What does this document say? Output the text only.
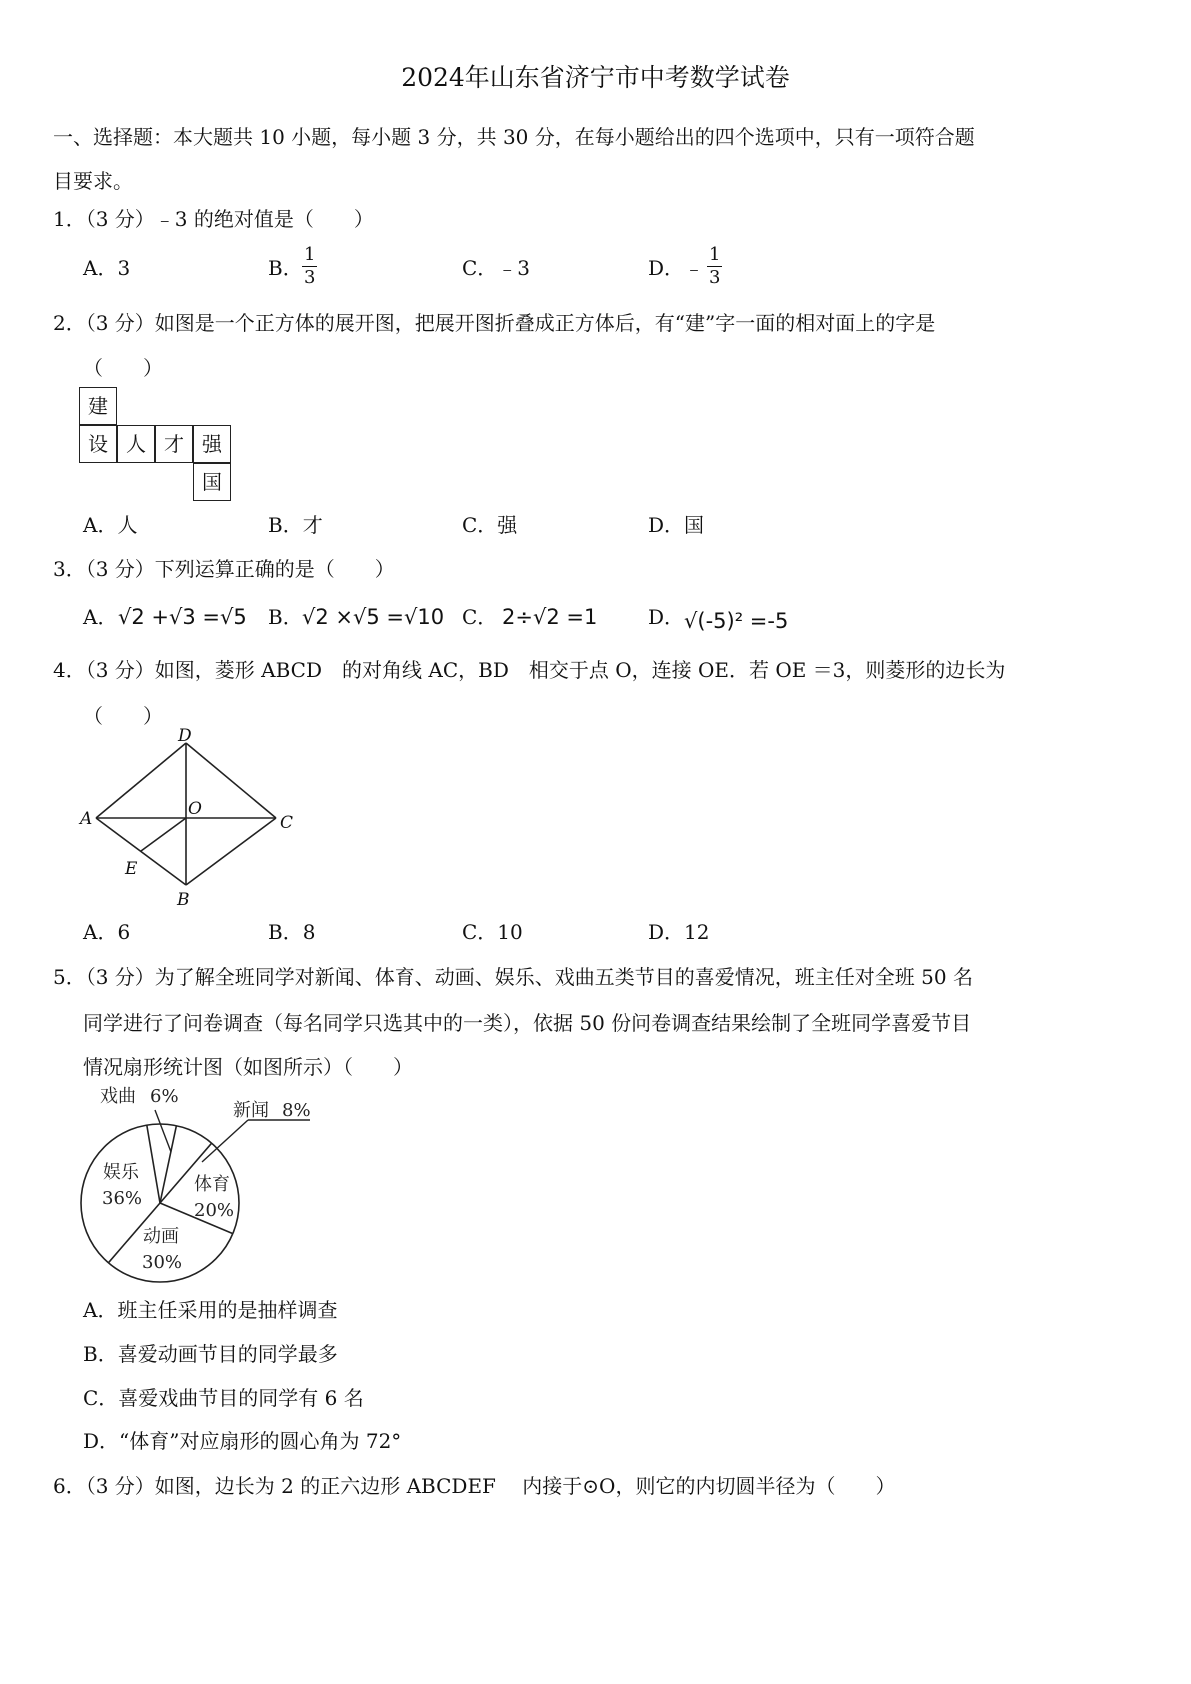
2024年山东省济宁市中考数学试卷
一、选择题：本大题共 10 小题，每小题 3 分，共 30 分，在每小题给出的四个选项中，只有一项符合题
目要求。
1．（3 分）﹣3 的绝对值是（　　）
A．3	B． $\frac{1}{3}$	C．﹣3	D．﹣ $\frac{1}{3}$
2．（3 分）如图是一个正方体的展开图，把展开图折叠成正方体后，有“建”字一面的相对面上的字是
（　　）
建
设 人 才 强
国
A．人	B．才	C．强	D．国
3．（3 分）下列运算正确的是（　　）
A． √2 +√3 =√5 B． √2 ×√5 =√10 C． 2÷√2 =1	D． √(-5)² =-5
4．（3 分）如图，菱形 ABCD　的对角线 AC，BD　相交于点 O，连接 OE．若 OE ＝3，则菱形的边长为
（　　）
D
A	C
O
E
B
A．6	B．8	C．10	D．12
5．（3 分）为了解全班同学对新闻、体育、动画、娱乐、戏曲五类节目的喜爱情况，班主任对全班 50 名
同学进行了问卷调查（每名同学只选其中的一类），依据 50 份问卷调查结果绘制了全班同学喜爱节目
情况扇形统计图（如图所示）（　　）
戏曲 6%
新闻 8%
娱乐
36%
体育
20%
动画
30%
A．班主任采用的是抽样调查
B．喜爱动画节目的同学最多
C．喜爱戏曲节目的同学有 6 名
D．“体育”对应扇形的圆心角为 72°
6．（3 分）如图，边长为 2 的正六边形 ABCDEF　 内接于⊙O，则它的内切圆半径为（　　）
